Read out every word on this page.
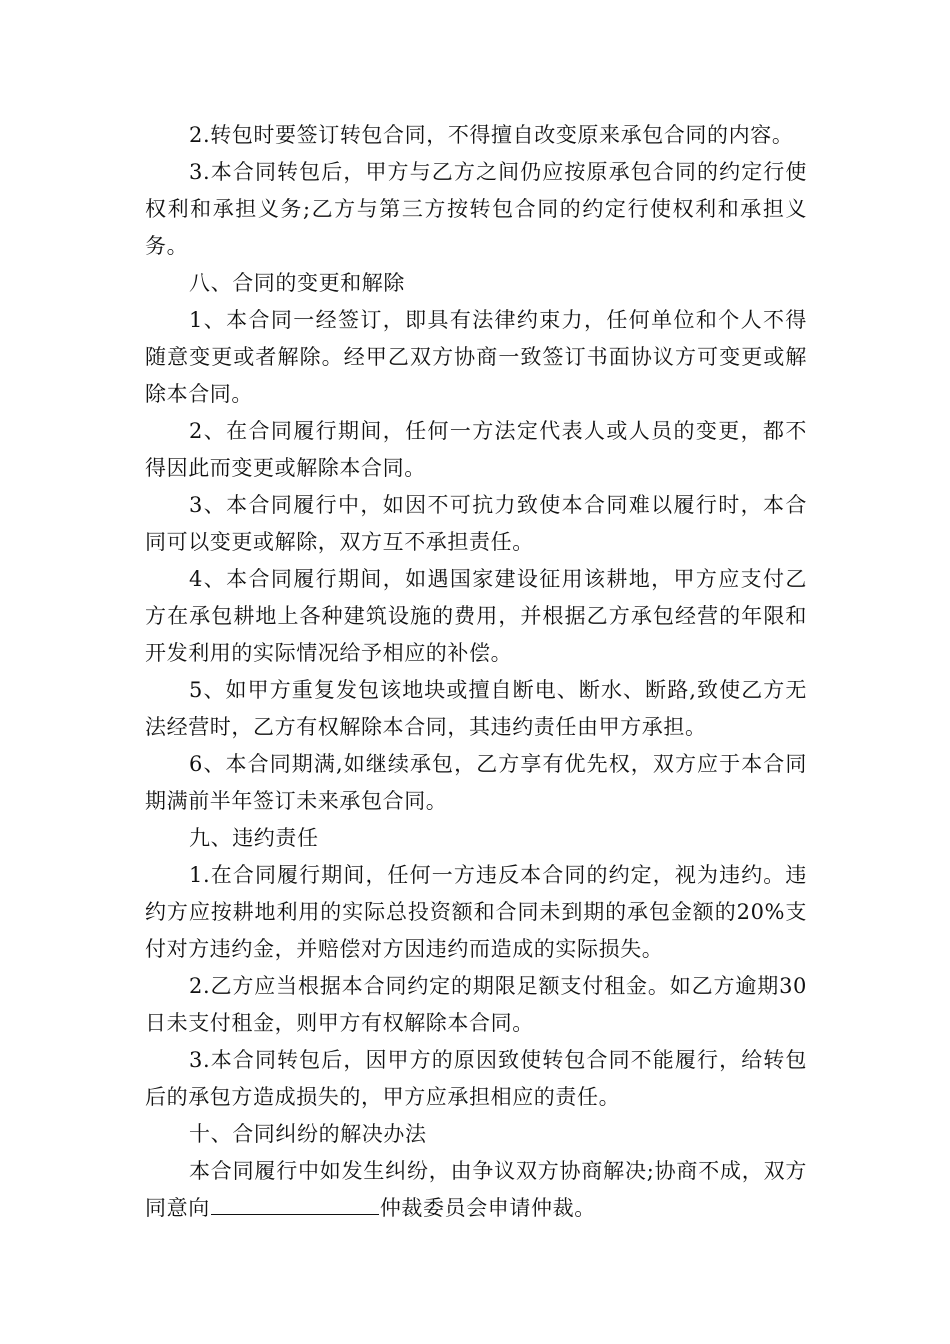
2.转包时要签订转包合同，不得擅自改变原来承包合同的内容。

3.本合同转包后，甲方与乙方之间仍应按原承包合同的约定行使权利和承担义务;乙方与第三方按转包合同的约定行使权利和承担义务。

八、合同的变更和解除

1、本合同一经签订，即具有法律约束力，任何单位和个人不得随意变更或者解除。经甲乙双方协商一致签订书面协议方可变更或解除本合同。

2、在合同履行期间，任何一方法定代表人或人员的变更，都不得因此而变更或解除本合同。

3、本合同履行中，如因不可抗力致使本合同难以履行时，本合同可以变更或解除，双方互不承担责任。

4、本合同履行期间，如遇国家建设征用该耕地，甲方应支付乙方在承包耕地上各种建筑设施的费用，并根据乙方承包经营的年限和开发利用的实际情况给予相应的补偿。

5、如甲方重复发包该地块或擅自断电、断水、断路,致使乙方无法经营时，乙方有权解除本合同，其违约责任由甲方承担。

6、本合同期满,如继续承包，乙方享有优先权，双方应于本合同期满前半年签订未来承包合同。

九、违约责任

1.在合同履行期间，任何一方违反本合同的约定，视为违约。违约方应按耕地利用的实际总投资额和合同未到期的承包金额的20%支付对方违约金，并赔偿对方因违约而造成的实际损失。

2.乙方应当根据本合同约定的期限足额支付租金。如乙方逾期30日未支付租金，则甲方有权解除本合同。

3.本合同转包后，因甲方的原因致使转包合同不能履行，给转包后的承包方造成损失的，甲方应承担相应的责任。

十、合同纠纷的解决办法

本合同履行中如发生纠纷，由争议双方协商解决;协商不成，双方同意向	仲裁委员会申请仲裁。
